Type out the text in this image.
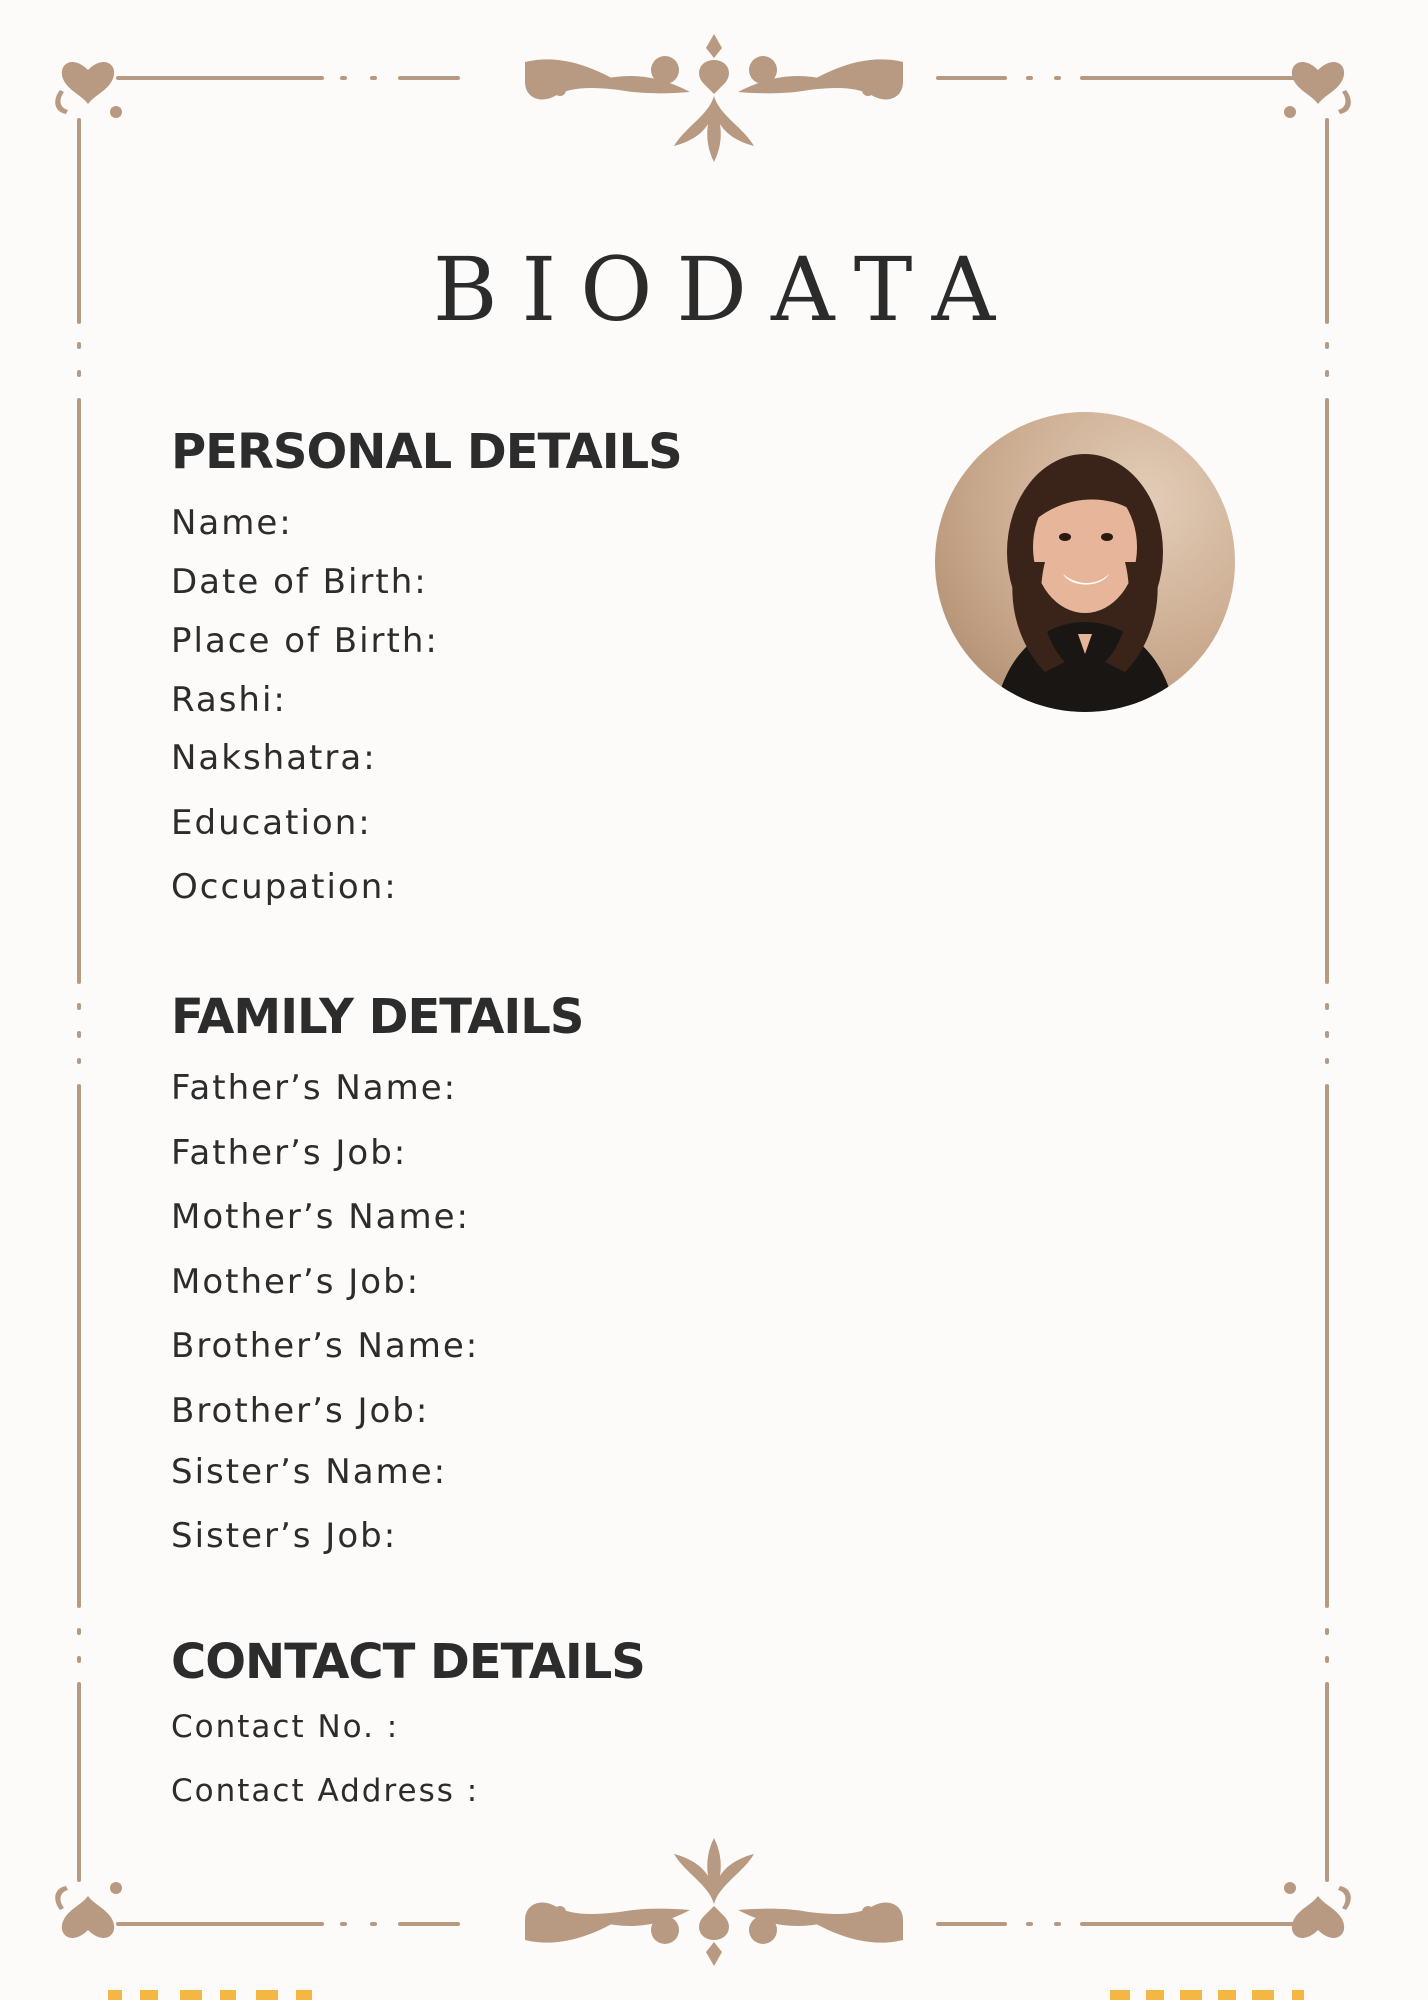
BIODATA
PERSONAL DETAILS
Name:
Date of Birth:
Place of Birth:
Rashi:
Nakshatra:
Education:
Occupation:
FAMILY DETAILS
Father’s Name:
Father’s Job:
Mother’s Name:
Mother’s Job:
Brother’s Name:
Brother’s Job:
Sister’s Name:
Sister’s Job:
CONTACT DETAILS
Contact No. :
Contact Address :
